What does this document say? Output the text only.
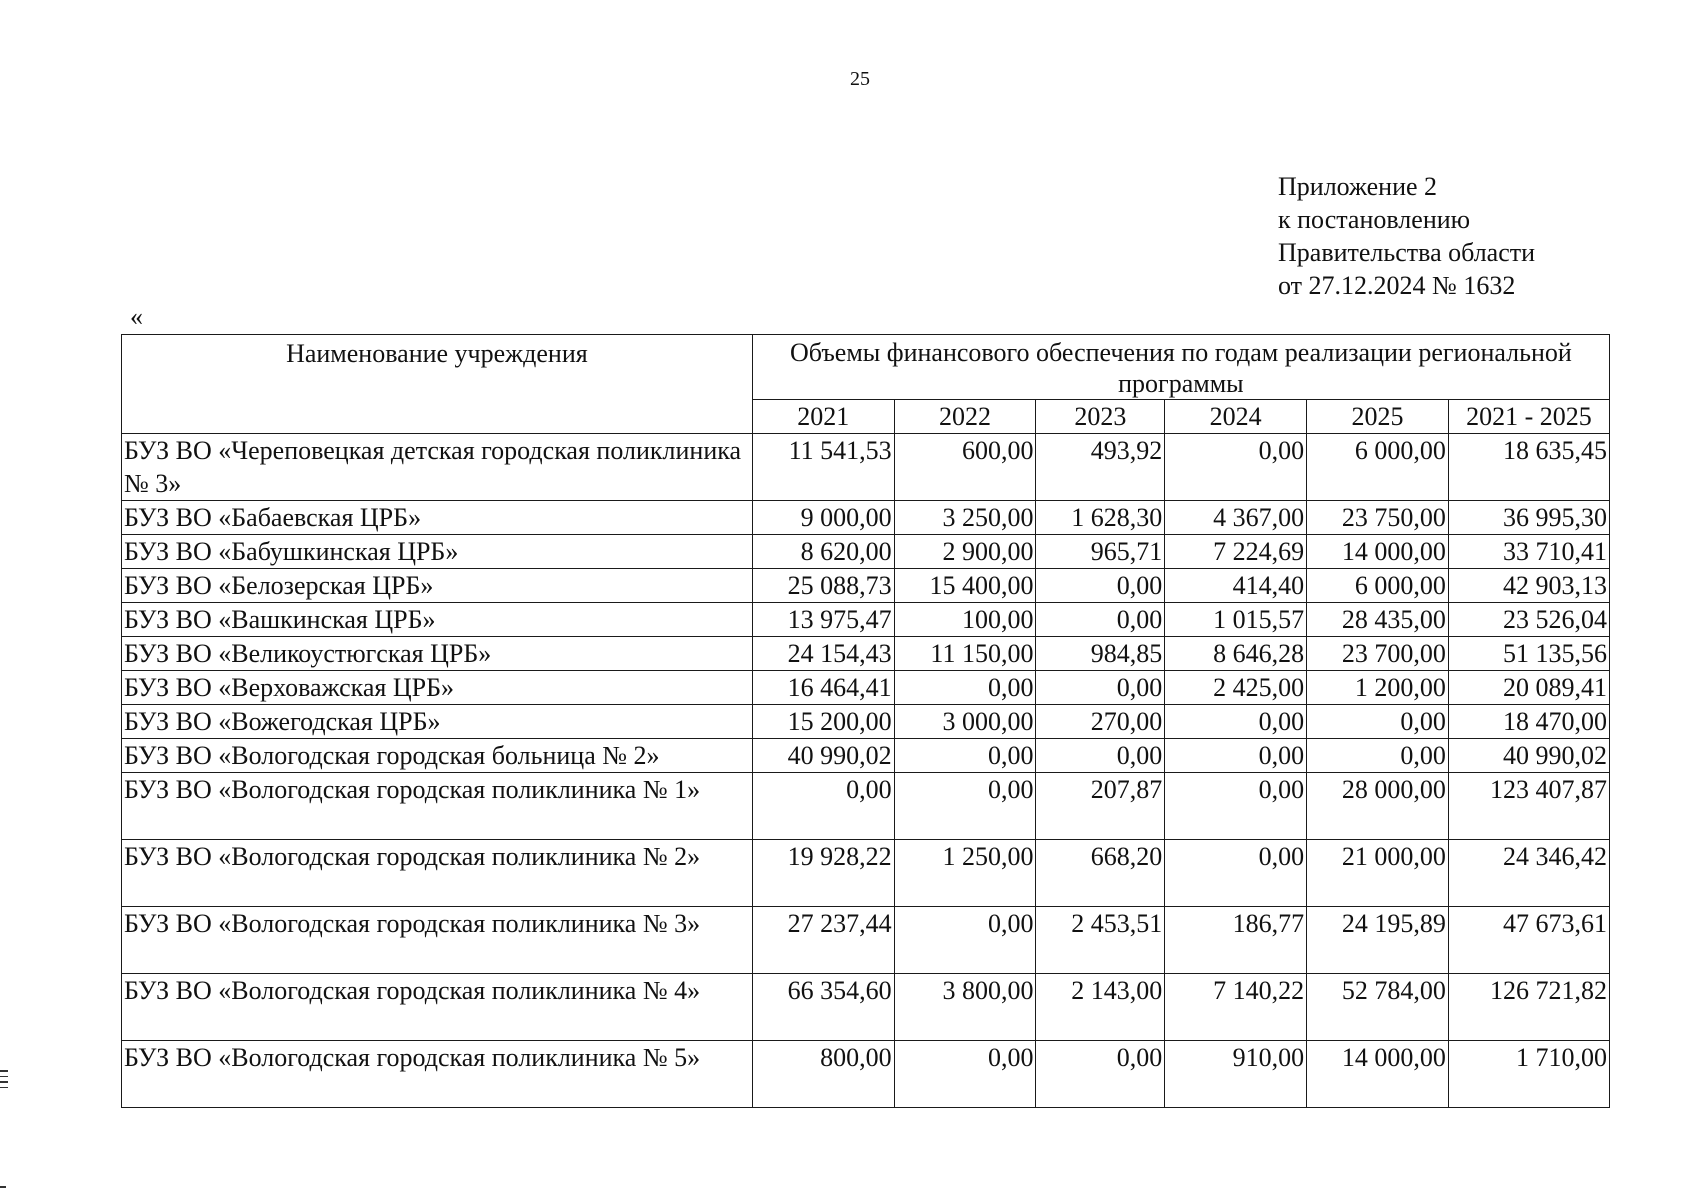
25
Приложение 2
к постановлению
Правительства области
от 27.12.2024 № 1632
«
Наименование учреждения	Объемы финансового обеспечения по годам реализации региональной программы					
	2021	2022	2023	2024	2025	2021 - 2025
БУЗ ВО «Череповецкая детская городская поликлиника № 3»	11 541,53	600,00	493,92	0,00	6 000,00	18 635,45
БУЗ ВО «Бабаевская ЦРБ»	9 000,00	3 250,00	1 628,30	4 367,00	23 750,00	36 995,30
БУЗ ВО «Бабушкинская ЦРБ»	8 620,00	2 900,00	965,71	7 224,69	14 000,00	33 710,41
БУЗ ВО «Белозерская ЦРБ»	25 088,73	15 400,00	0,00	414,40	6 000,00	42 903,13
БУЗ ВО «Вашкинская ЦРБ»	13 975,47	100,00	0,00	1 015,57	28 435,00	23 526,04
БУЗ ВО «Великоустюгская ЦРБ»	24 154,43	11 150,00	984,85	8 646,28	23 700,00	51 135,56
БУЗ ВО «Верховажская ЦРБ»	16 464,41	0,00	0,00	2 425,00	1 200,00	20 089,41
БУЗ ВО «Вожегодская ЦРБ»	15 200,00	3 000,00	270,00	0,00	0,00	18 470,00
БУЗ ВО «Вологодская городская больница № 2»	40 990,02	0,00	0,00	0,00	0,00	40 990,02
БУЗ ВО «Вологодская городская поликлиника № 1»	0,00	0,00	207,87	0,00	28 000,00	123 407,87
БУЗ ВО «Вологодская городская поликлиника № 2»	19 928,22	1 250,00	668,20	0,00	21 000,00	24 346,42
БУЗ ВО «Вологодская городская поликлиника № 3»	27 237,44	0,00	2 453,51	186,77	24 195,89	47 673,61
БУЗ ВО «Вологодская городская поликлиника № 4»	66 354,60	3 800,00	2 143,00	7 140,22	52 784,00	126 721,82
БУЗ ВО «Вологодская городская поликлиника № 5»	800,00	0,00	0,00	910,00	14 000,00	1 710,00
